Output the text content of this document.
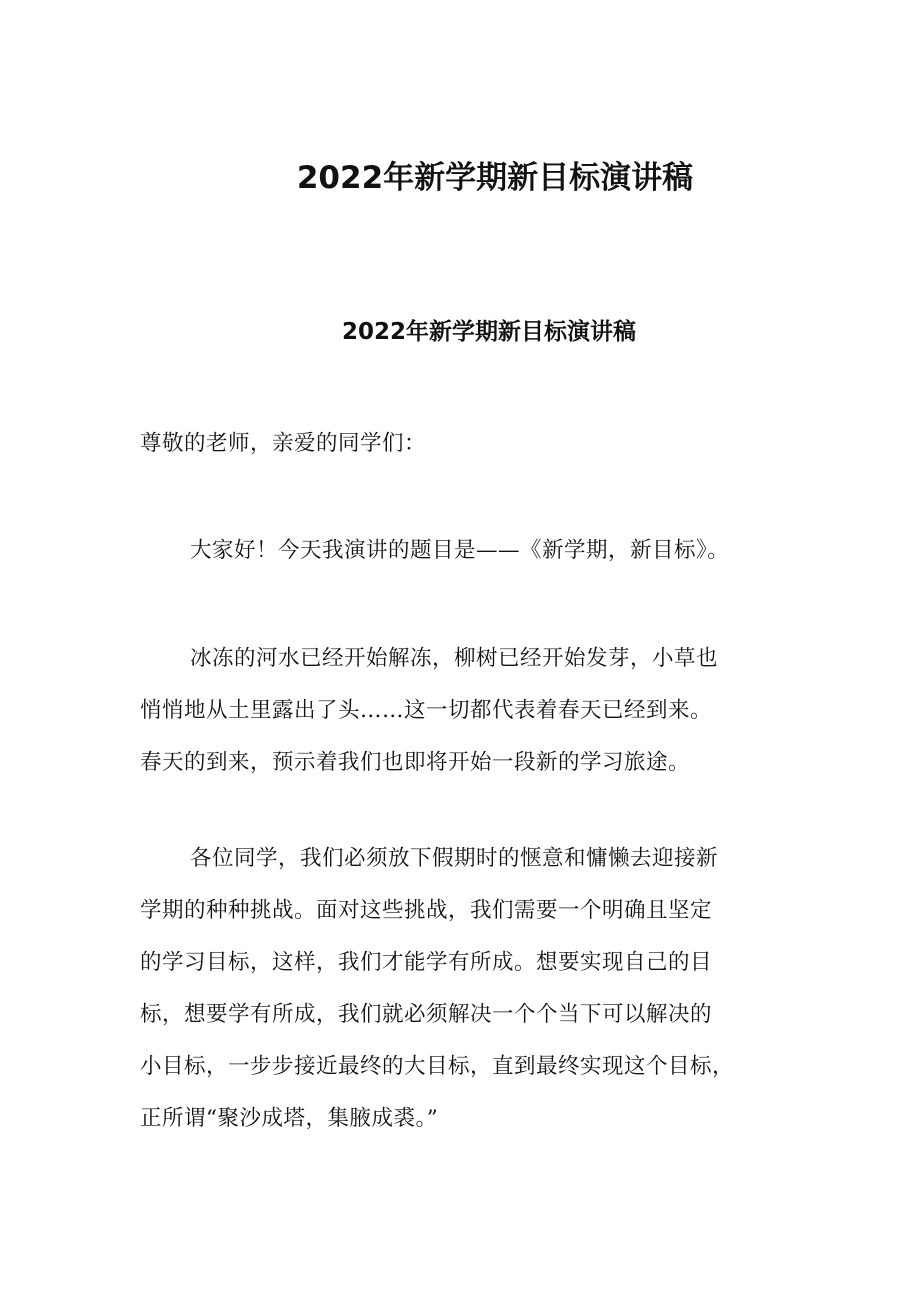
2022年新学期新目标演讲稿
2022年新学期新目标演讲稿

尊敬的老师，亲爱的同学们：

大家好！今天我演讲的题目是——《新学期，新目标》。

冰冻的河水已经开始解冻，柳树已经开始发芽，小草也
悄悄地从土里露出了头……这一切都代表着春天已经到来。
春天的到来，预示着我们也即将开始一段新的学习旅途。

各位同学，我们必须放下假期时的惬意和慵懒去迎接新
学期的种种挑战。面对这些挑战，我们需要一个明确且坚定
的学习目标，这样，我们才能学有所成。想要实现自己的目
标，想要学有所成，我们就必须解决一个个当下可以解决的
小目标，一步步接近最终的大目标，直到最终实现这个目标，
正所谓“聚沙成塔，集腋成裘。”
